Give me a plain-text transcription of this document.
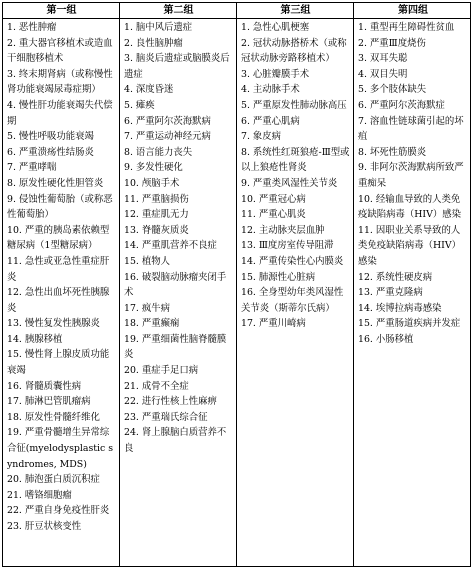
第一组	第二组	第三组	第四组
1. 恶性肿瘤
2. 重大器官移植术或造血干细胞移植术
3. 终末期肾病（或称慢性肾功能衰竭尿毒症期）
4. 慢性肝功能衰竭失代偿期
5. 慢性呼吸功能衰竭
6. 严重溃疡性结肠炎
7. 严重哮喘
8. 原发性硬化性胆管炎
9. 侵蚀性葡萄胎（或称恶性葡萄胎）
10. 严重的胰岛素依赖型糖尿病（1型糖尿病）
11. 急性或亚急性重症肝炎
12. 急性出血坏死性胰腺炎
13. 慢性复发性胰腺炎
14. 胰腺移植
15. 慢性肾上腺皮质功能衰竭
16. 肾髓质囊性病
17. 肺淋巴管肌瘤病
18. 原发性骨髓纤维化
19. 严重骨髓增生异常综合征(myelodysplastic syndromes, MDS)
20. 肺泡蛋白质沉积症
21. 嗜铬细胞瘤
22. 严重自身免疫性肝炎
23. 肝豆状核变性
1. 脑中风后遗症
2. 良性脑肿瘤
3. 脑炎后遗症或脑膜炎后遗症
4. 深度昏迷
5. 瘫痪
6. 严重阿尔茨海默病
7. 严重运动神经元病
8. 语言能力丧失
9. 多发性硬化
10. 颅脑手术
11. 严重脑损伤
12. 重症肌无力
13. 脊髓灰质炎
14. 严重肌营养不良症
15. 植物人
16. 破裂脑动脉瘤夹闭手术
17. 疯牛病
18. 严重癫痫
19. 严重细菌性脑脊髓膜炎
20. 重症手足口病
21. 成骨不全症
22. 进行性核上性麻痹
23. 严重瑞氏综合征
24. 肾上腺脑白质营养不良
1. 急性心肌梗塞
2. 冠状动脉搭桥术（或称冠状动脉旁路移植术）
3. 心脏瓣膜手术
4. 主动脉手术
5. 严重原发性肺动脉高压
6. 严重心肌病
7. 象皮病
8. 系统性红斑狼疮-Ⅲ型或以上狼疮性肾炎
9. 严重类风湿性关节炎
10. 严重冠心病
11. 严重心肌炎
12. 主动脉夹层血肿
13. Ⅲ度房室传导阻滞
14. 严重传染性心内膜炎
15. 肺源性心脏病
16. 全身型幼年类风湿性关节炎（斯蒂尔氏病）
17. 严重川崎病
1. 重型再生障碍性贫血
2. 严重Ⅲ度烧伤
3. 双耳失聪
4. 双目失明
5. 多个肢体缺失
6. 严重阿尔茨海默症
7. 溶血性链球菌引起的坏疽
8. 坏死性筋膜炎
9. 非阿尔茨海默病所致严重痴呆
10. 经输血导致的人类免疫缺陷病毒（HIV）感染
11. 因职业关系导致的人类免疫缺陷病毒（HIV）感染
12. 系统性硬皮病
13. 严重克隆病
14. 埃博拉病毒感染
15. 严重肠道疾病并发症
16. 小肠移植
